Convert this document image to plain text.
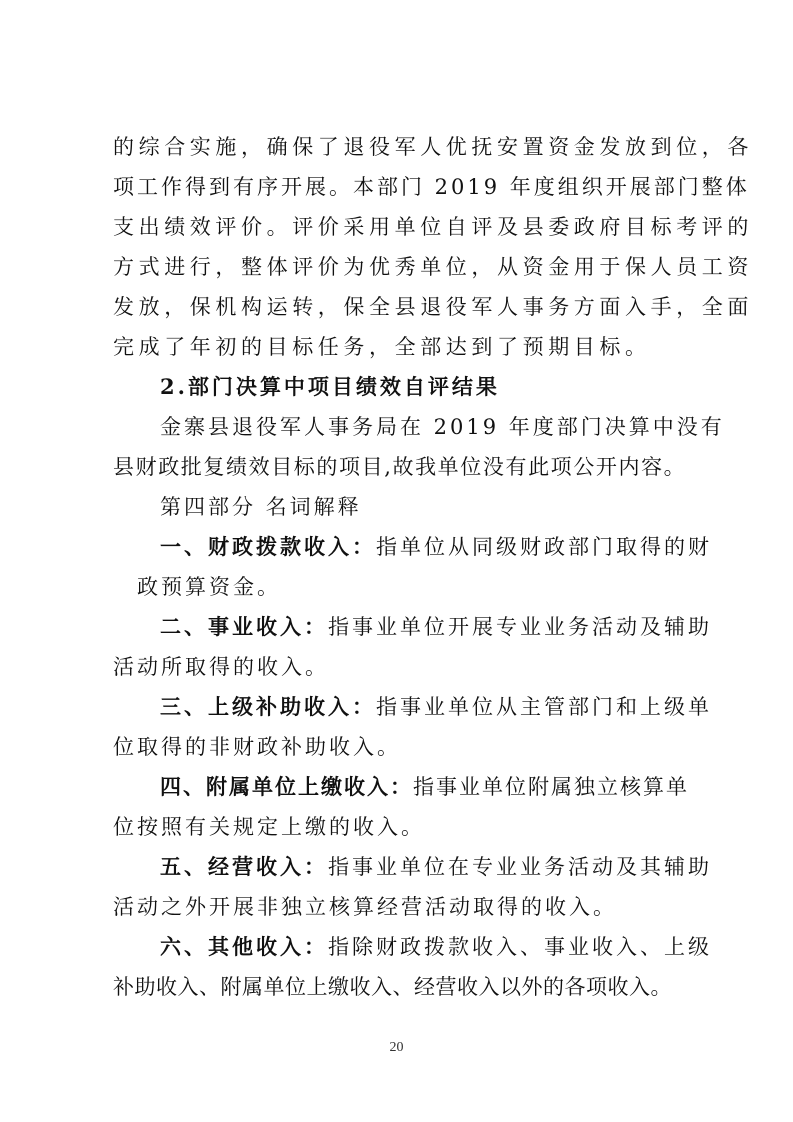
的综合实施，确保了退役军人优抚安置资金发放到位，各
项工作得到有序开展。本部门 2019 年度组织开展部门整体
支出绩效评价。评价采用单位自评及县委政府目标考评的
方式进行，整体评价为优秀单位，从资金用于保人员工资
发放，保机构运转，保全县退役军人事务方面入手，全面
完成了年初的目标任务，全部达到了预期目标。
2.部门决算中项目绩效自评结果
金寨县退役军人事务局在 2019 年度部门决算中没有
县财政批复绩效目标的项目,故我单位没有此项公开内容。
第四部分 名词解释
一、财政拨款收入：指单位从同级财政部门取得的财
政预算资金。
二、事业收入：指事业单位开展专业业务活动及辅助
活动所取得的收入。
三、上级补助收入：指事业单位从主管部门和上级单
位取得的非财政补助收入。
四、附属单位上缴收入：指事业单位附属独立核算单
位按照有关规定上缴的收入。
五、经营收入：指事业单位在专业业务活动及其辅助
活动之外开展非独立核算经营活动取得的收入。
六、其他收入：指除财政拨款收入、事业收入、上级
补助收入、附属单位上缴收入、经营收入以外的各项收入。
20
